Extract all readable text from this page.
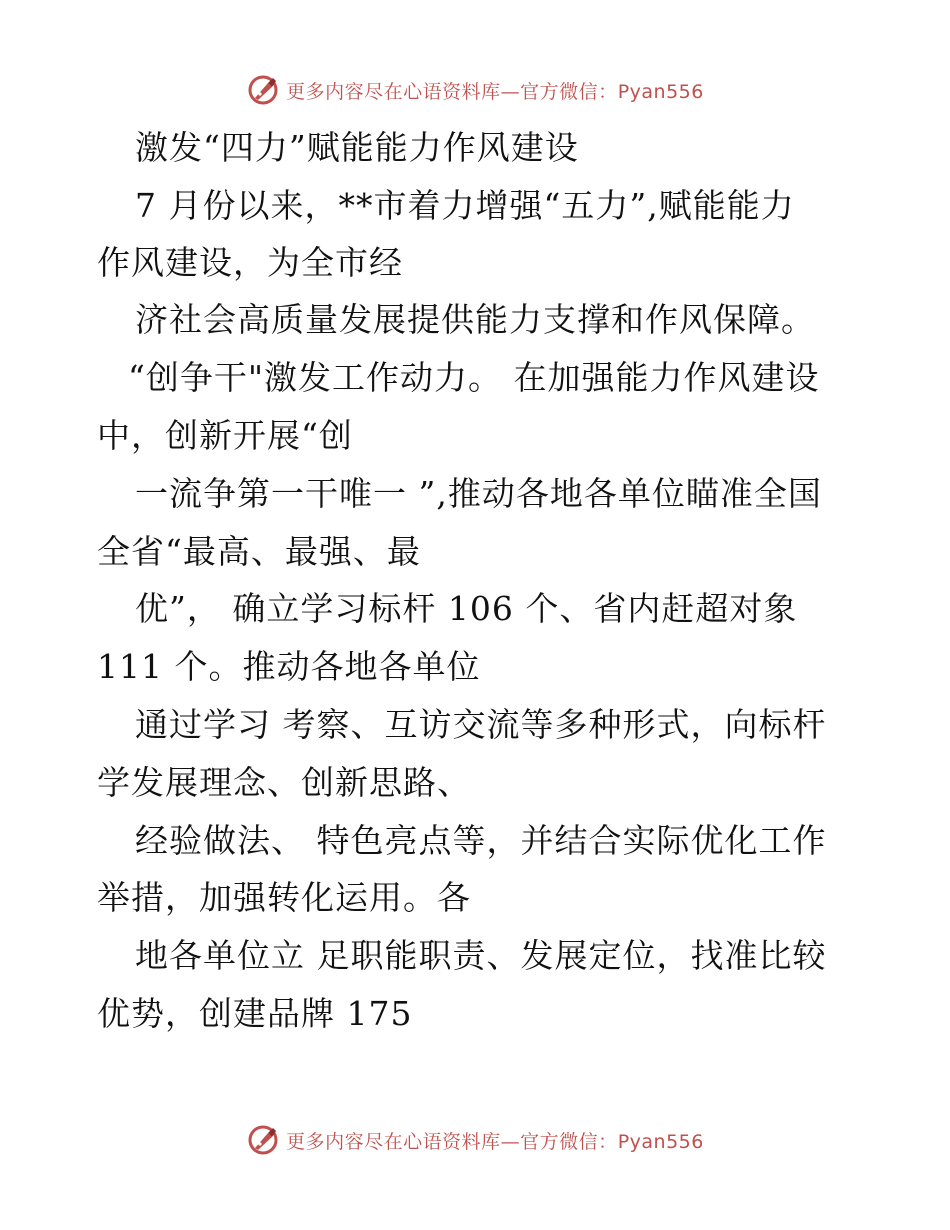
更多内容尽在心语资料库—官方微信：Pyan556
激发“四力”赋能能力作风建设
7 月份以来，**市着力增强“五力”,赋能能力
作风建设，为全市经
济社会高质量发展提供能力支撑和作风保障。
“创争干"激发工作动力。 在加强能力作风建设
中，创新开展“创
一流争第一干唯一 ”,推动各地各单位瞄准全国
全省“最高、最强、最
优”， 确立学习标杆 106 个、省内赶超对象
111 个。推动各地各单位
通过学习 考察、互访交流等多种形式，向标杆
学发展理念、创新思路、
经验做法、 特色亮点等，并结合实际优化工作
举措，加强转化运用。各
地各单位立 足职能职责、发展定位，找准比较
优势，创建品牌 175
更多内容尽在心语资料库—官方微信：Pyan556
